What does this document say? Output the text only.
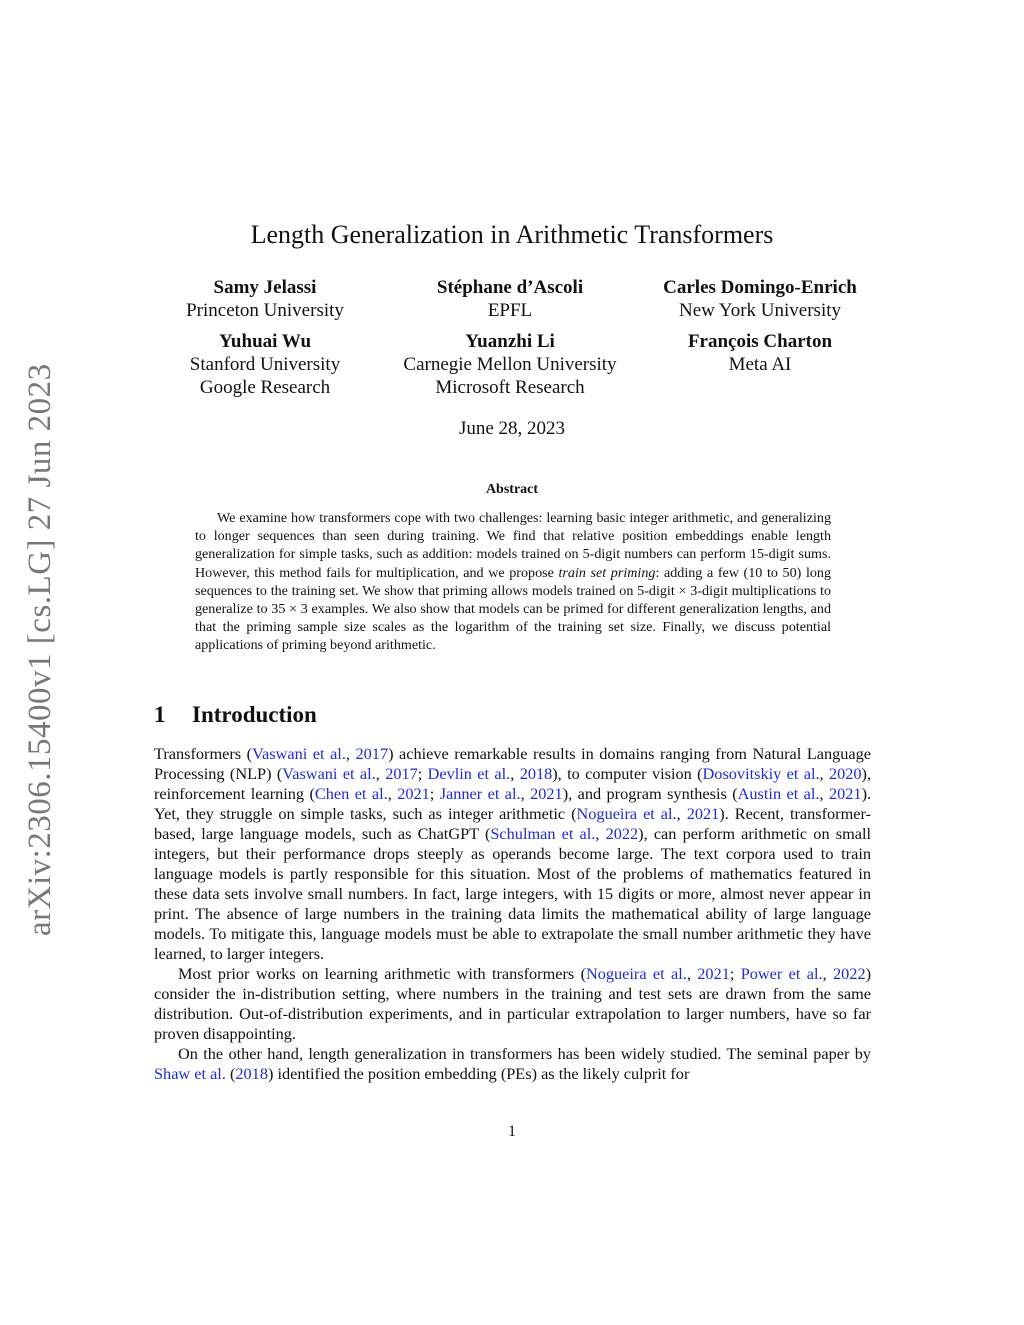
arXiv:2306.15400v1 [cs.LG] 27 Jun 2023
Length Generalization in Arithmetic Transformers
Samy Jelassi
Princeton University
Stéphane d’Ascoli
EPFL
Carles Domingo-Enrich
New York University
Yuhuai Wu
Stanford University
Google Research
Yuanzhi Li
Carnegie Mellon University
Microsoft Research
François Charton
Meta AI
June 28, 2023
Abstract

We examine how transformers cope with two challenges: learning basic integer arithmetic, and generalizing to longer sequences than seen during training. We find that relative position embeddings enable length generalization for simple tasks, such as addition: models trained on 5-digit numbers can perform 15-digit sums. However, this method fails for multiplication, and we propose train set priming: adding a few (10 to 50) long sequences to the training set. We show that priming allows models trained on 5-digit × 3-digit multiplications to generalize to 35 × 3 examples. We also show that models can be primed for different generalization lengths, and that the priming sample size scales as the logarithm of the training set size. Finally, we discuss potential applications of priming beyond arithmetic.

1 Introduction

Transformers (Vaswani et al., 2017) achieve remarkable results in domains ranging from Natural Language Processing (NLP) (Vaswani et al., 2017; Devlin et al., 2018), to computer vision (Dosovitskiy et al., 2020), reinforcement learning (Chen et al., 2021; Janner et al., 2021), and program synthesis (Austin et al., 2021). Yet, they struggle on simple tasks, such as integer arithmetic (Nogueira et al., 2021). Recent, transformer-based, large language models, such as ChatGPT (Schulman et al., 2022), can perform arithmetic on small integers, but their performance drops steeply as operands become large. The text corpora used to train language models is partly responsible for this situation. Most of the problems of mathematics featured in these data sets involve small numbers. In fact, large integers, with 15 digits or more, almost never appear in print. The absence of large numbers in the training data limits the mathematical ability of large language models. To mitigate this, language models must be able to extrapolate the small number arithmetic they have learned, to larger integers.

Most prior works on learning arithmetic with transformers (Nogueira et al., 2021; Power et al., 2022) consider the in-distribution setting, where numbers in the training and test sets are drawn from the same distribution. Out-of-distribution experiments, and in particular extrapolation to larger numbers, have so far proven disappointing.

On the other hand, length generalization in transformers has been widely studied. The seminal paper by Shaw et al. (2018) identified the position embedding (PEs) as the likely culprit for

1
